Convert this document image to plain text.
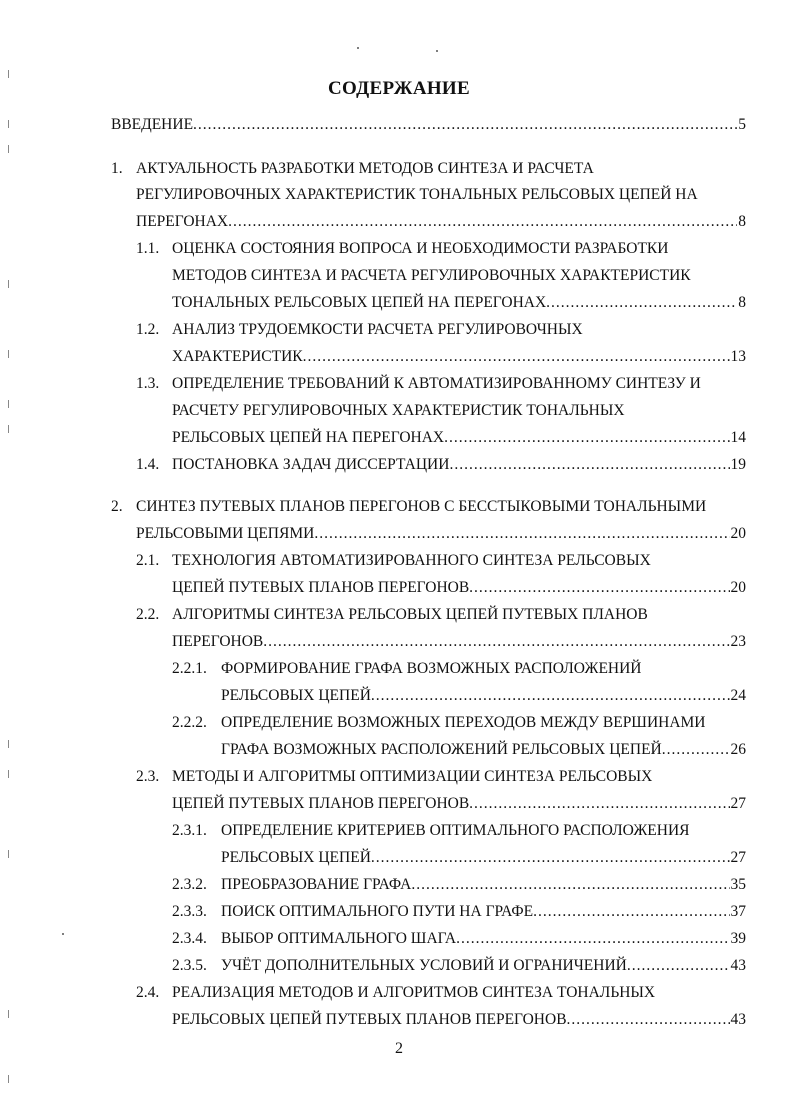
СОДЕРЖАНИЕ
ВВЕДЕНИЕ .....	5
1. АКТУАЛЬНОСТЬ РАЗРАБОТКИ МЕТОДОВ СИНТЕЗА И РАСЧЕТА
РЕГУЛИРОВОЧНЫХ ХАРАКТЕРИСТИК ТОНАЛЬНЫХ РЕЛЬСОВЫХ ЦЕПЕЙ НА
ПЕРЕГОНАХ .....	8
1.1. ОЦЕНКА СОСТОЯНИЯ ВОПРОСА И НЕОБХОДИМОСТИ РАЗРАБОТКИ
МЕТОДОВ СИНТЕЗА И РАСЧЕТА РЕГУЛИРОВОЧНЫХ ХАРАКТЕРИСТИК
ТОНАЛЬНЫХ РЕЛЬСОВЫХ ЦЕПЕЙ НА ПЕРЕГОНАХ .....	8
1.2. АНАЛИЗ ТРУДОЕМКОСТИ РАСЧЕТА РЕГУЛИРОВОЧНЫХ
ХАРАКТЕРИСТИК .....	13
1.3. ОПРЕДЕЛЕНИЕ ТРЕБОВАНИЙ К АВТОМАТИЗИРОВАННОМУ СИНТЕЗУ И
РАСЧЕТУ РЕГУЛИРОВОЧНЫХ ХАРАКТЕРИСТИК ТОНАЛЬНЫХ
РЕЛЬСОВЫХ ЦЕПЕЙ НА ПЕРЕГОНАХ .....	14
1.4. ПОСТАНОВКА ЗАДАЧ ДИССЕРТАЦИИ .....	19
2. СИНТЕЗ ПУТЕВЫХ ПЛАНОВ ПЕРЕГОНОВ С БЕССТЫКОВЫМИ ТОНАЛЬНЫМИ
РЕЛЬСОВЫМИ ЦЕПЯМИ .....	20
2.1. ТЕХНОЛОГИЯ АВТОМАТИЗИРОВАННОГО СИНТЕЗА РЕЛЬСОВЫХ
ЦЕПЕЙ ПУТЕВЫХ ПЛАНОВ ПЕРЕГОНОВ .....	20
2.2. АЛГОРИТМЫ СИНТЕЗА РЕЛЬСОВЫХ ЦЕПЕЙ ПУТЕВЫХ ПЛАНОВ
ПЕРЕГОНОВ .....	23
2.2.1. ФОРМИРОВАНИЕ ГРАФА ВОЗМОЖНЫХ РАСПОЛОЖЕНИЙ
РЕЛЬСОВЫХ ЦЕПЕЙ .....	24
2.2.2. ОПРЕДЕЛЕНИЕ ВОЗМОЖНЫХ ПЕРЕХОДОВ МЕЖДУ ВЕРШИНАМИ
ГРАФА ВОЗМОЖНЫХ РАСПОЛОЖЕНИЙ РЕЛЬСОВЫХ ЦЕПЕЙ .....	26
2.3. МЕТОДЫ И АЛГОРИТМЫ ОПТИМИЗАЦИИ СИНТЕЗА РЕЛЬСОВЫХ
ЦЕПЕЙ ПУТЕВЫХ ПЛАНОВ ПЕРЕГОНОВ .....	27
2.3.1. ОПРЕДЕЛЕНИЕ КРИТЕРИЕВ ОПТИМАЛЬНОГО РАСПОЛОЖЕНИЯ
РЕЛЬСОВЫХ ЦЕПЕЙ .....	27
2.3.2. ПРЕОБРАЗОВАНИЕ ГРАФА .....	35
2.3.3. ПОИСК ОПТИМАЛЬНОГО ПУТИ НА ГРАФЕ .....	37
2.3.4. ВЫБОР ОПТИМАЛЬНОГО ШАГА .....	39
2.3.5. УЧЁТ ДОПОЛНИТЕЛЬНЫХ УСЛОВИЙ И ОГРАНИЧЕНИЙ .....	43
2.4. РЕАЛИЗАЦИЯ МЕТОДОВ И АЛГОРИТМОВ СИНТЕЗА ТОНАЛЬНЫХ
РЕЛЬСОВЫХ ЦЕПЕЙ ПУТЕВЫХ ПЛАНОВ ПЕРЕГОНОВ .....	43
2
